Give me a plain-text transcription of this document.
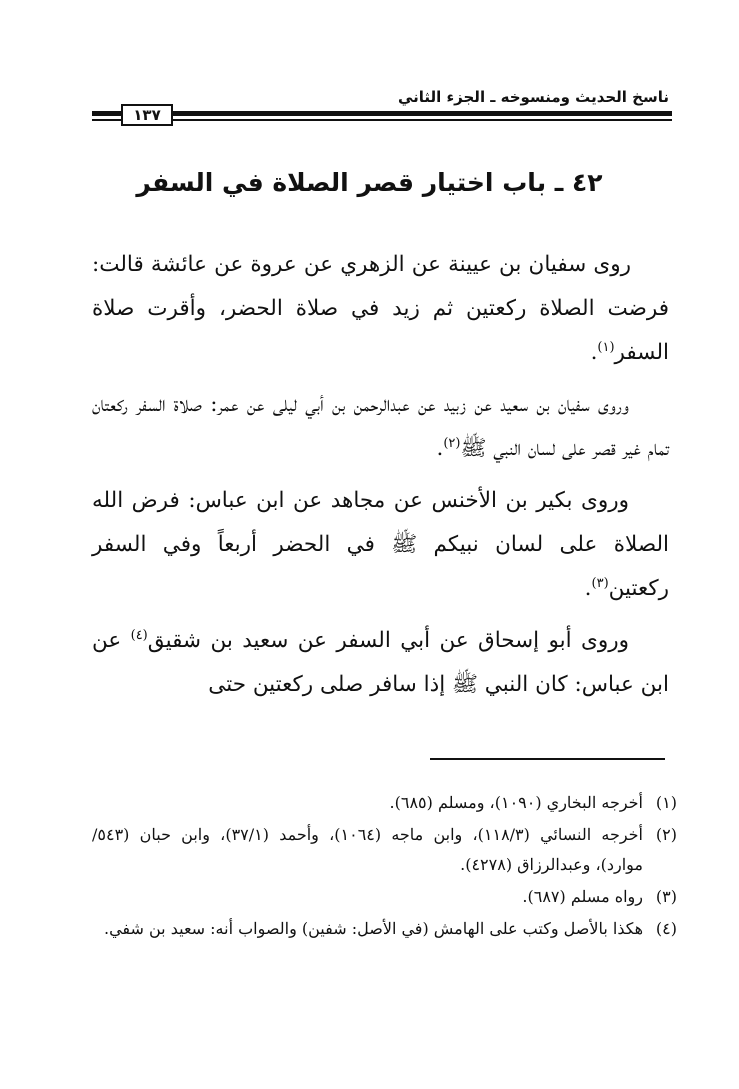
ناسخ الحديث ومنسوخه ـ الجزء الثاني
١٣٧
٤٢ ـ باب اختيار قصر الصلاة في السفر

روى سفيان بن عيينة عن الزهري عن عروة عن عائشة قالت: فرضت الصلاة ركعتين ثم زيد في صلاة الحضر، وأقرت صلاة السفر$^{(١)}$.

وروى سفيان بن سعيد عن زبيد عن عبدالرحمن بن أبي ليلى عن عمر: صلاة السفر ركعتان تمام غير قصر على لسان النبي ﷺ$^{(٢)}$.

وروى بكير بن الأخنس عن مجاهد عن ابن عباس: فرض الله الصلاة على لسان نبيكم ﷺ في الحضر أربعاً وفي السفر ركعتين$^{(٣)}$.

وروى أبو إسحاق عن أبي السفر عن سعيد بن شقيق$^{(٤)}$ عن ابن عباس: كان النبي ﷺ إذا سافر صلى ركعتين حتى

(١)
أخرجه البخاري (١٠٩٠)، ومسلم (٦٨٥).
(٢)
أخرجه النسائي (١١٨/٣)، وابن ماجه (١٠٦٤)، وأحمد (٣٧/١)، وابن حبان (٥٤٣/ موارد)، وعبدالرزاق (٤٢٧٨).
(٣)
رواه مسلم (٦٨٧).
(٤)
هكذا بالأصل وكتب على الهامش (في الأصل: شفين) والصواب أنه: سعيد بن شفي.
